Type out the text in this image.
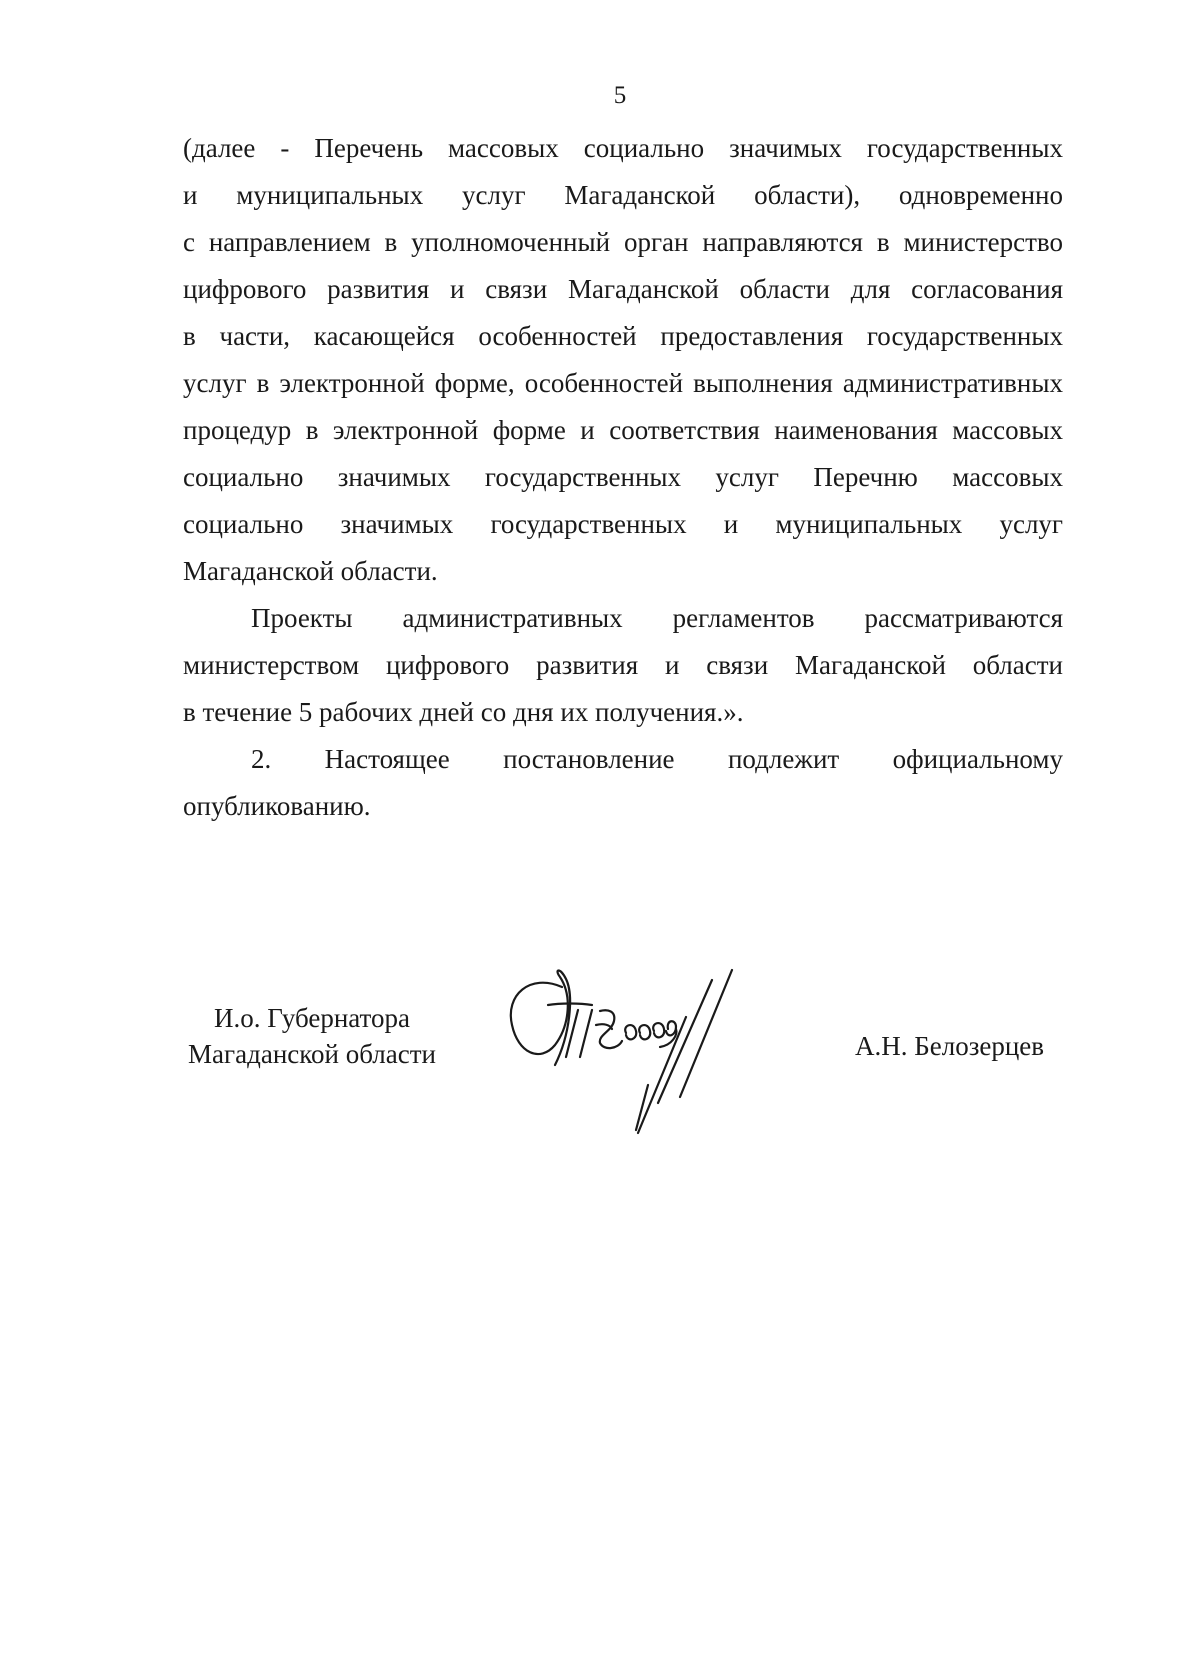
5
(далее - Перечень массовых социально значимых государственных
и муниципальных услуг Магаданской области), одновременно
с направлением в уполномоченный орган направляются в министерство
цифрового развития и связи Магаданской области для согласования
в части, касающейся особенностей предоставления государственных
услуг в электронной форме, особенностей выполнения административных
процедур в электронной форме и соответствия наименования массовых
социально значимых государственных услуг Перечню массовых
социально значимых государственных и муниципальных услуг
Магаданской области.
Проекты административных регламентов рассматриваются
министерством цифрового развития и связи Магаданской области
в течение 5 рабочих дней со дня их получения.».
2. Настоящее постановление подлежит официальному
опубликованию.
И.о. Губернатора
Магаданской области	А.Н. Белозерцев
